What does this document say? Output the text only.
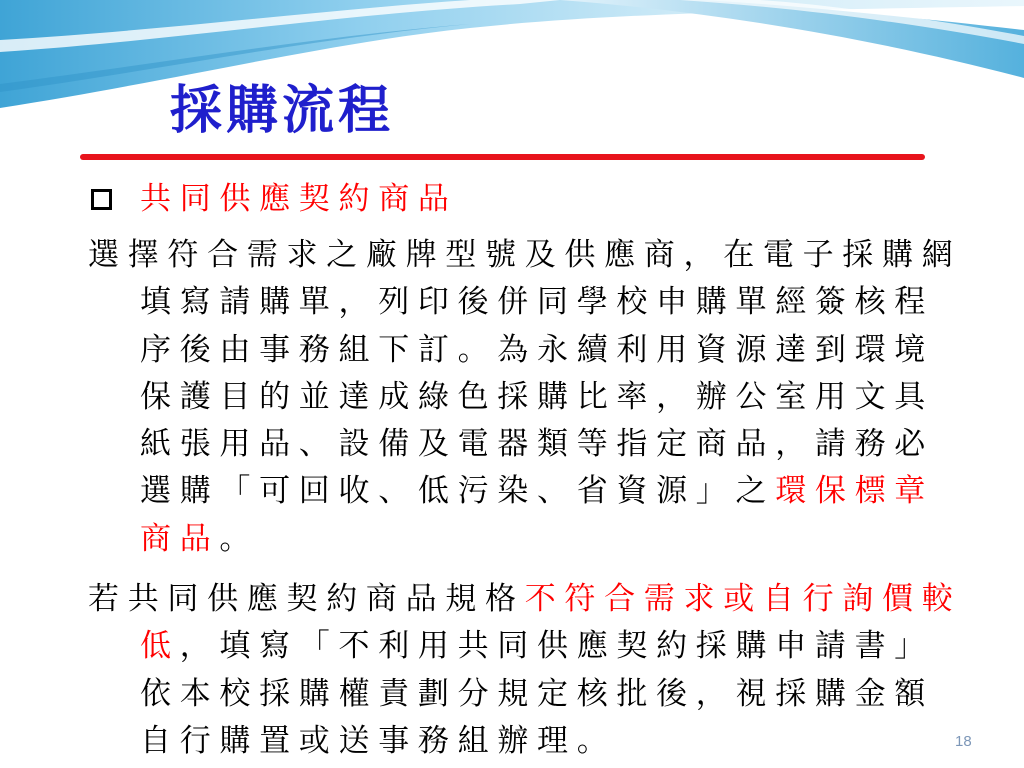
採購流程
共同供應契約商品
選擇符合需求之廠牌型號及供應商，在電子採購網
填寫請購單，列印後併同學校申購單經簽核程
序後由事務組下訂。為永續利用資源達到環境
保護目的並達成綠色採購比率，辦公室用文具
紙張用品、設備及電器類等指定商品，請務必
選購「可回收、低污染、省資源」之環保標章
商品。
若共同供應契約商品規格不符合需求或自行詢價較
低，填寫「不利用共同供應契約採購申請書」
依本校採購權責劃分規定核批後，視採購金額
自行購置或送事務組辦理。	18
